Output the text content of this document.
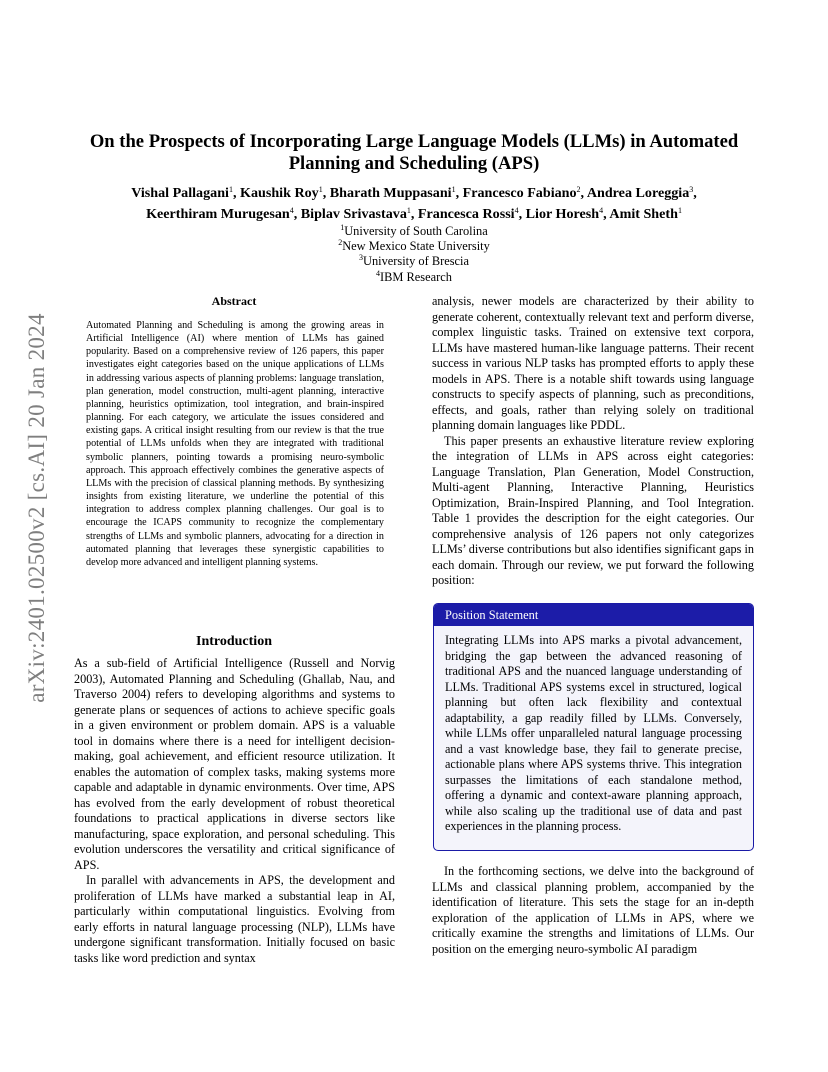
arXiv:2401.02500v2 [cs.AI] 20 Jan 2024
On the Prospects of Incorporating Large Language Models (LLMs) in Automated Planning and Scheduling (APS)
Vishal Pallagani$^1$, Kaushik Roy$^1$, Bharath Muppasani$^1$, Francesco Fabiano$^2$, Andrea Loreggia$^3$,
Keerthiram Murugesan$^4$, Biplav Srivastava$^1$, Francesca Rossi$^4$, Lior Horesh$^4$, Amit Sheth$^1$
$^1$University of South Carolina
$^2$New Mexico State University
$^3$University of Brescia
$^4$IBM Research
Abstract
Automated Planning and Scheduling is among the growing areas in Artificial Intelligence (AI) where mention of LLMs has gained popularity. Based on a comprehensive review of 126 papers, this paper investigates eight categories based on the unique applications of LLMs in addressing various aspects of planning problems: language translation, plan generation, model construction, multi-agent planning, interactive planning, heuristics optimization, tool integration, and brain-inspired planning. For each category, we articulate the issues considered and existing gaps. A critical insight resulting from our review is that the true potential of LLMs unfolds when they are integrated with traditional symbolic planners, pointing towards a promising neuro-symbolic approach. This approach effectively combines the generative aspects of LLMs with the precision of classical planning methods. By synthesizing insights from existing literature, we underline the potential of this integration to address complex planning challenges. Our goal is to encourage the ICAPS community to recognize the complementary strengths of LLMs and symbolic planners, advocating for a direction in automated planning that leverages these synergistic capabilities to develop more advanced and intelligent planning systems.
Introduction

As a sub-field of Artificial Intelligence (Russell and Norvig 2003), Automated Planning and Scheduling (Ghallab, Nau, and Traverso 2004) refers to developing algorithms and systems to generate plans or sequences of actions to achieve specific goals in a given environment or problem domain. APS is a valuable tool in domains where there is a need for intelligent decision-making, goal achievement, and efficient resource utilization. It enables the automation of complex tasks, making systems more capable and adaptable in dynamic environments. Over time, APS has evolved from the early development of robust theoretical foundations to practical applications in diverse sectors like manufacturing, space exploration, and personal scheduling. This evolution underscores the versatility and critical significance of APS.

In parallel with advancements in APS, the development and proliferation of LLMs have marked a substantial leap in AI, particularly within computational linguistics. Evolving from early efforts in natural language processing (NLP), LLMs have undergone significant transformation. Initially focused on basic tasks like word prediction and syntax

analysis, newer models are characterized by their ability to generate coherent, contextually relevant text and perform diverse, complex linguistic tasks. Trained on extensive text corpora, LLMs have mastered human-like language patterns. Their recent success in various NLP tasks has prompted efforts to apply these models in APS. There is a notable shift towards using language constructs to specify aspects of planning, such as preconditions, effects, and goals, rather than relying solely on traditional planning domain languages like PDDL.

This paper presents an exhaustive literature review exploring the integration of LLMs in APS across eight categories: Language Translation, Plan Generation, Model Construction, Multi-agent Planning, Interactive Planning, Heuristics Optimization, Brain-Inspired Planning, and Tool Integration. Table 1 provides the description for the eight categories. Our comprehensive analysis of 126 papers not only categorizes LLMs’ diverse contributions but also identifies significant gaps in each domain. Through our review, we put forward the following position:

Position Statement
Integrating LLMs into APS marks a pivotal advancement, bridging the gap between the advanced reasoning of traditional APS and the nuanced language understanding of LLMs. Traditional APS systems excel in structured, logical planning but often lack flexibility and contextual adaptability, a gap readily filled by LLMs. Conversely, while LLMs offer unparalleled natural language processing and a vast knowledge base, they fail to generate precise, actionable plans where APS systems thrive. This integration surpasses the limitations of each standalone method, offering a dynamic and context-aware planning approach, while also scaling up the traditional use of data and past experiences in the planning process.

In the forthcoming sections, we delve into the background of LLMs and classical planning problem, accompanied by the identification of literature. This sets the stage for an in-depth exploration of the application of LLMs in APS, where we critically examine the strengths and limitations of LLMs. Our position on the emerging neuro-symbolic AI paradigm
